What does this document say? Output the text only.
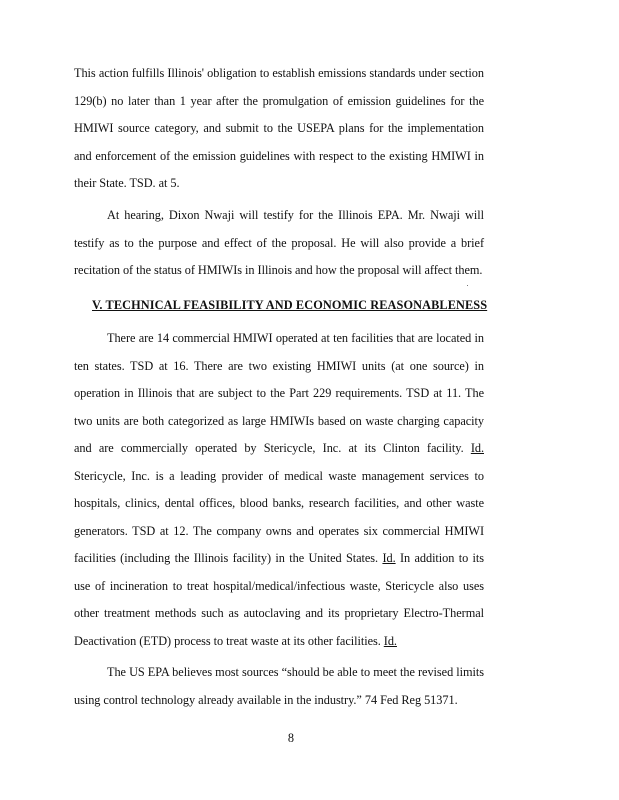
This action fulfills Illinois' obligation to establish emissions standards under section 129(b) no later than 1 year after the promulgation of emission guidelines for the HMIWI source category, and submit to the USEPA plans for the implementation and enforcement of the emission guidelines with respect to the existing HMIWI in their State. TSD. at 5.
At hearing, Dixon Nwaji will testify for the Illinois EPA. Mr. Nwaji will testify as to the purpose and effect of the proposal. He will also provide a brief recitation of the status of HMIWIs in Illinois and how the proposal will affect them.
V. TECHNICAL FEASIBILITY AND ECONOMIC REASONABLENESS
There are 14 commercial HMIWI operated at ten facilities that are located in ten states. TSD at 16. There are two existing HMIWI units (at one source) in operation in Illinois that are subject to the Part 229 requirements. TSD at 11. The two units are both categorized as large HMIWIs based on waste charging capacity and are commercially operated by Stericycle, Inc. at its Clinton facility. Id. Stericycle, Inc. is a leading provider of medical waste management services to hospitals, clinics, dental offices, blood banks, research facilities, and other waste generators. TSD at 12. The company owns and operates six commercial HMIWI facilities (including the Illinois facility) in the United States. Id. In addition to its use of incineration to treat hospital/medical/infectious waste, Stericycle also uses other treatment methods such as autoclaving and its proprietary Electro-Thermal Deactivation (ETD) process to treat waste at its other facilities. Id.
The US EPA believes most sources “should be able to meet the revised limits using control technology already available in the industry.” 74 Fed Reg 51371.
8
